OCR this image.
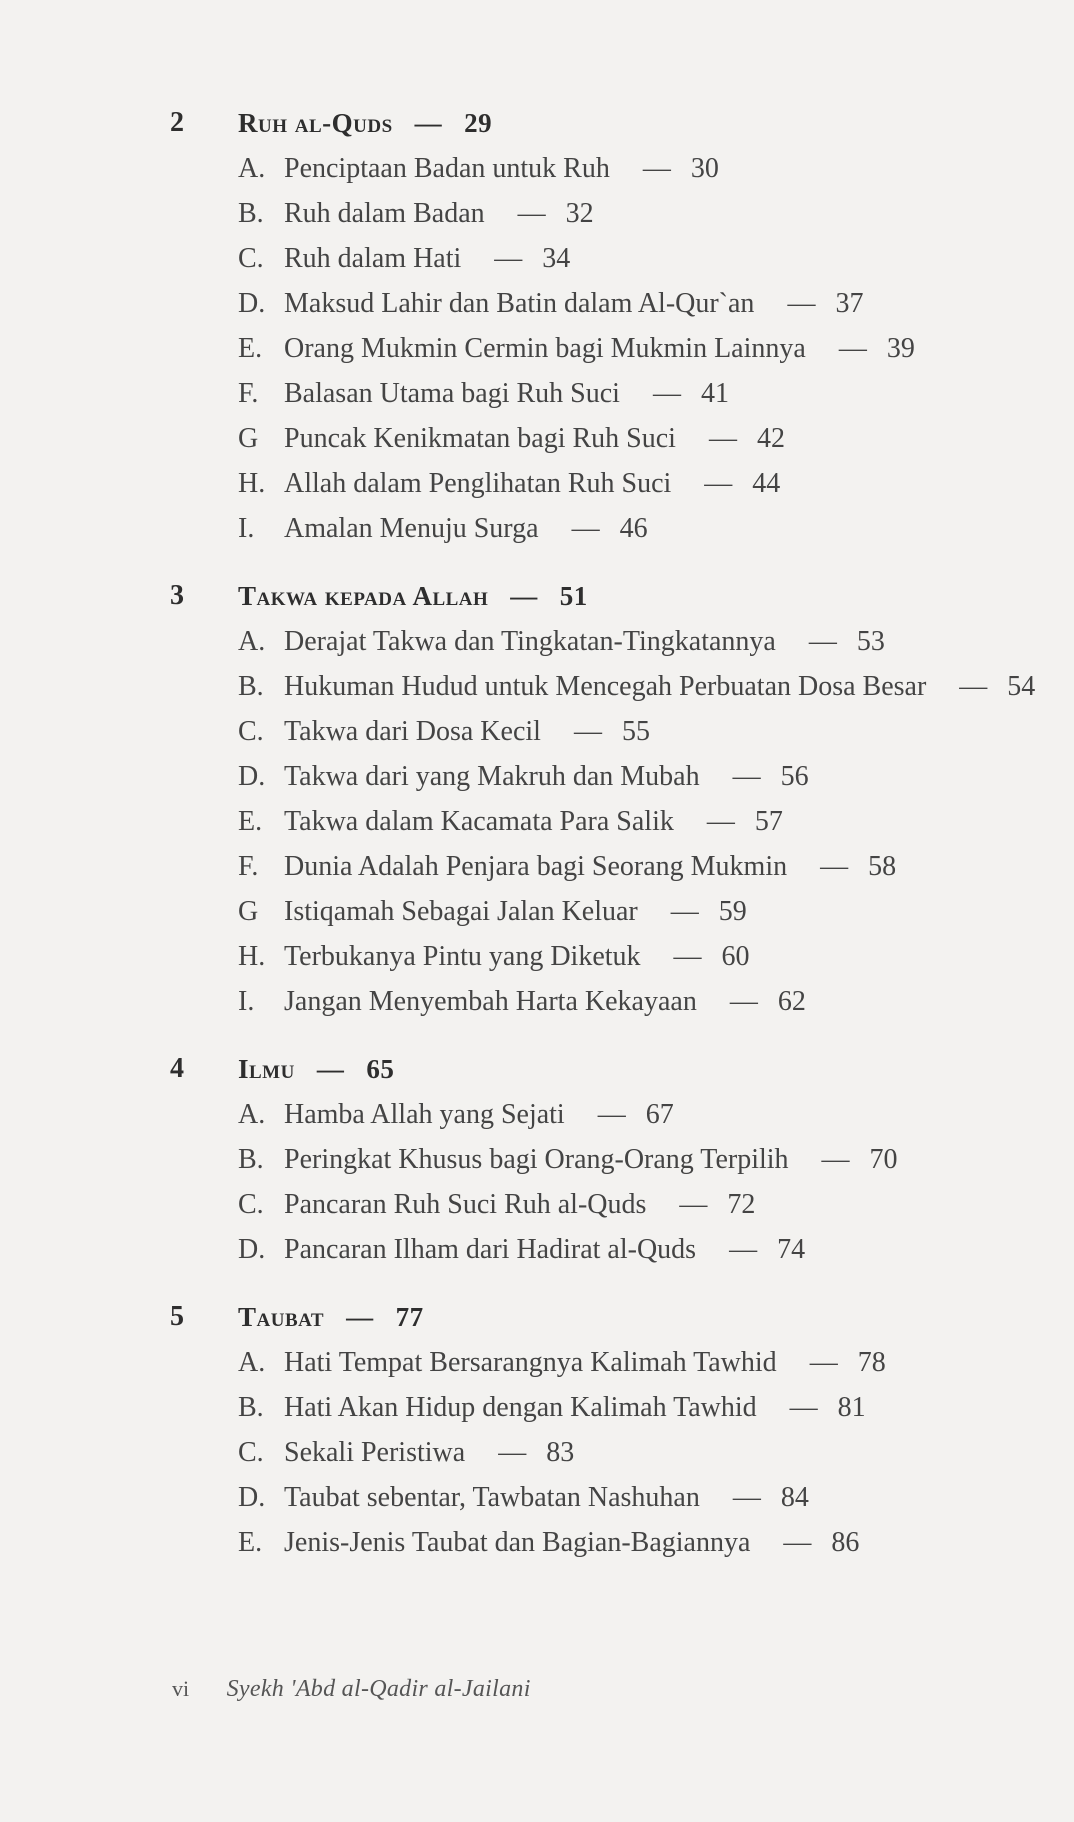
2	Ruh al-Quds — 29
A. Penciptaan Badan untuk Ruh — 30
B. Ruh dalam Badan — 32
C. Ruh dalam Hati — 34
D. Maksud Lahir dan Batin dalam Al-Qur`an — 37
E. Orang Mukmin Cermin bagi Mukmin Lainnya — 39
F. Balasan Utama bagi Ruh Suci — 41
G Puncak Kenikmatan bagi Ruh Suci — 42
H. Allah dalam Penglihatan Ruh Suci — 44
I.	Amalan Menuju Surga — 46
3	Takwa kepada Allah — 51
A. Derajat Takwa dan Tingkatan-Tingkatannya — 53
B. Hukuman Hudud untuk Mencegah Perbuatan Dosa Besar — 54
C. Takwa dari Dosa Kecil — 55
D. Takwa dari yang Makruh dan Mubah — 56
E. Takwa dalam Kacamata Para Salik — 57
F. Dunia Adalah Penjara bagi Seorang Mukmin — 58
G Istiqamah Sebagai Jalan Keluar — 59
H. Terbukanya Pintu yang Diketuk — 60
I.	Jangan Menyembah Harta Kekayaan — 62
4	Ilmu — 65
A. Hamba Allah yang Sejati — 67
B. Peringkat Khusus bagi Orang-Orang Terpilih — 70
C. Pancaran Ruh Suci Ruh al-Quds — 72
D. Pancaran Ilham dari Hadirat al-Quds — 74
5	Taubat — 77
A. Hati Tempat Bersarangnya Kalimah Tawhid — 78
B. Hati Akan Hidup dengan Kalimah Tawhid — 81
C. Sekali Peristiwa — 83
D. Taubat sebentar, Tawbatan Nashuhan — 84
E. Jenis-Jenis Taubat dan Bagian-Bagiannya — 86
vi Syekh 'Abd al-Qadir al-Jailani
